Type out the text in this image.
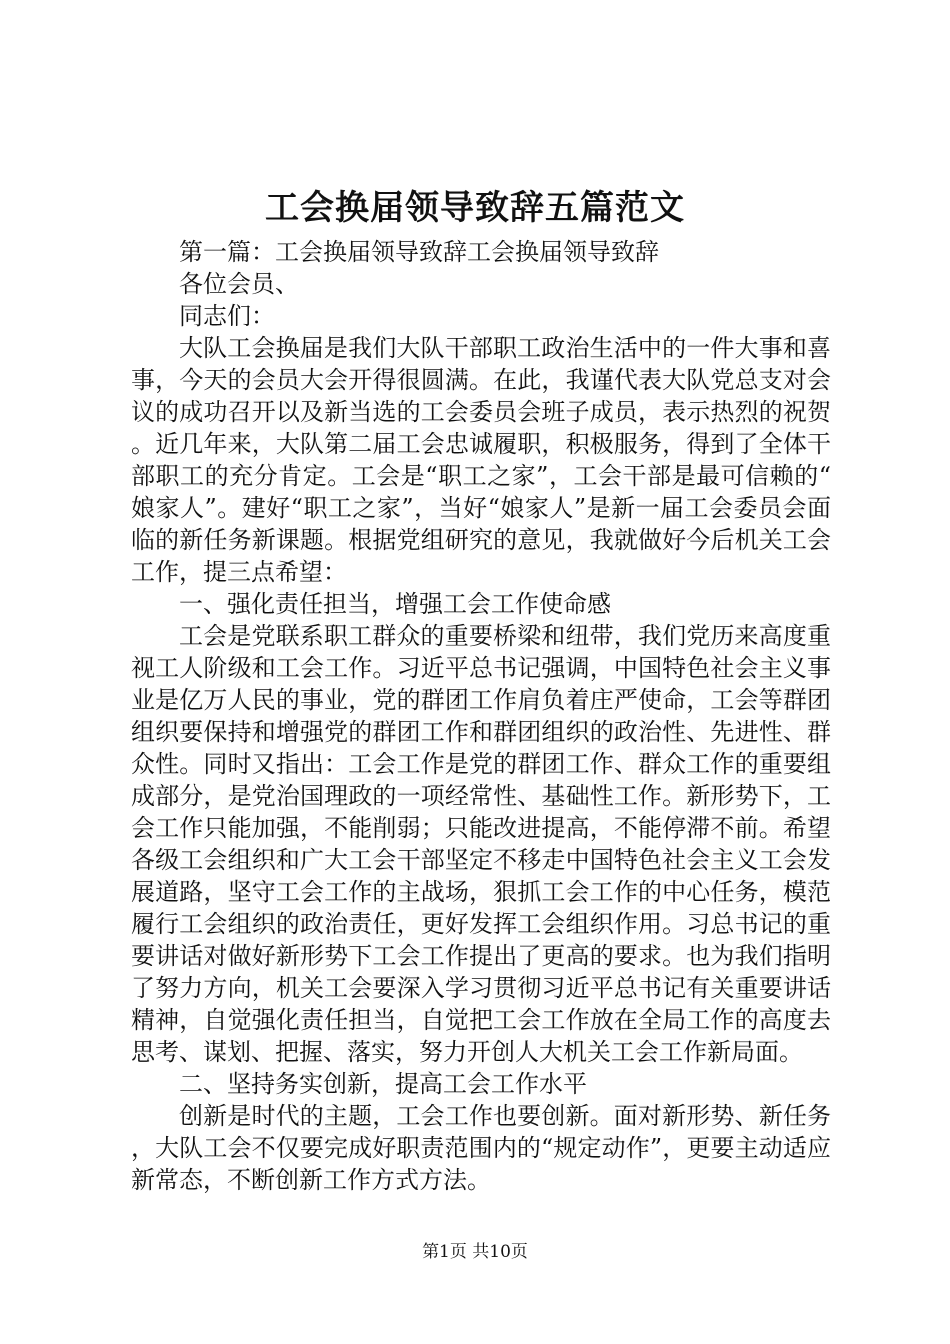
工会换届领导致辞五篇范文

第一篇：工会换届领导致辞工会换届领导致辞

各位会员、

同志们：

大队工会换届是我们大队干部职工政治生活中的一件大事和喜事，今天的会员大会开得很圆满。在此，我谨代表大队党总支对会议的成功召开以及新当选的工会委员会班子成员，表示热烈的祝贺。近几年来，大队第二届工会忠诚履职，积极服务，得到了全体干部职工的充分肯定。工会是“职工之家”，工会干部是最可信赖的“娘家人”。建好“职工之家”，当好“娘家人”是新一届工会委员会面临的新任务新课题。根据党组研究的意见，我就做好今后机关工会工作，提三点希望：

一、强化责任担当，增强工会工作使命感

工会是党联系职工群众的重要桥梁和纽带，我们党历来高度重视工人阶级和工会工作。习近平总书记强调，中国特色社会主义事业是亿万人民的事业，党的群团工作肩负着庄严使命，工会等群团组织要保持和增强党的群团工作和群团组织的政治性、先进性、群众性。同时又指出：工会工作是党的群团工作、群众工作的重要组成部分，是党治国理政的一项经常性、基础性工作。新形势下，工会工作只能加强，不能削弱；只能改进提高，不能停滞不前。希望各级工会组织和广大工会干部坚定不移走中国特色社会主义工会发展道路，坚守工会工作的主战场，狠抓工会工作的中心任务，模范履行工会组织的政治责任，更好发挥工会组织作用。习总书记的重要讲话对做好新形势下工会工作提出了更高的要求。也为我们指明了努力方向，机关工会要深入学习贯彻习近平总书记有关重要讲话精神，自觉强化责任担当，自觉把工会工作放在全局工作的高度去思考、谋划、把握、落实，努力开创人大机关工会工作新局面。

二、坚持务实创新，提高工会工作水平

创新是时代的主题，工会工作也要创新。面对新形势、新任务，大队工会不仅要完成好职责范围内的“规定动作”，更要主动适应新常态，不断创新工作方式方法。

第1页 共10页
